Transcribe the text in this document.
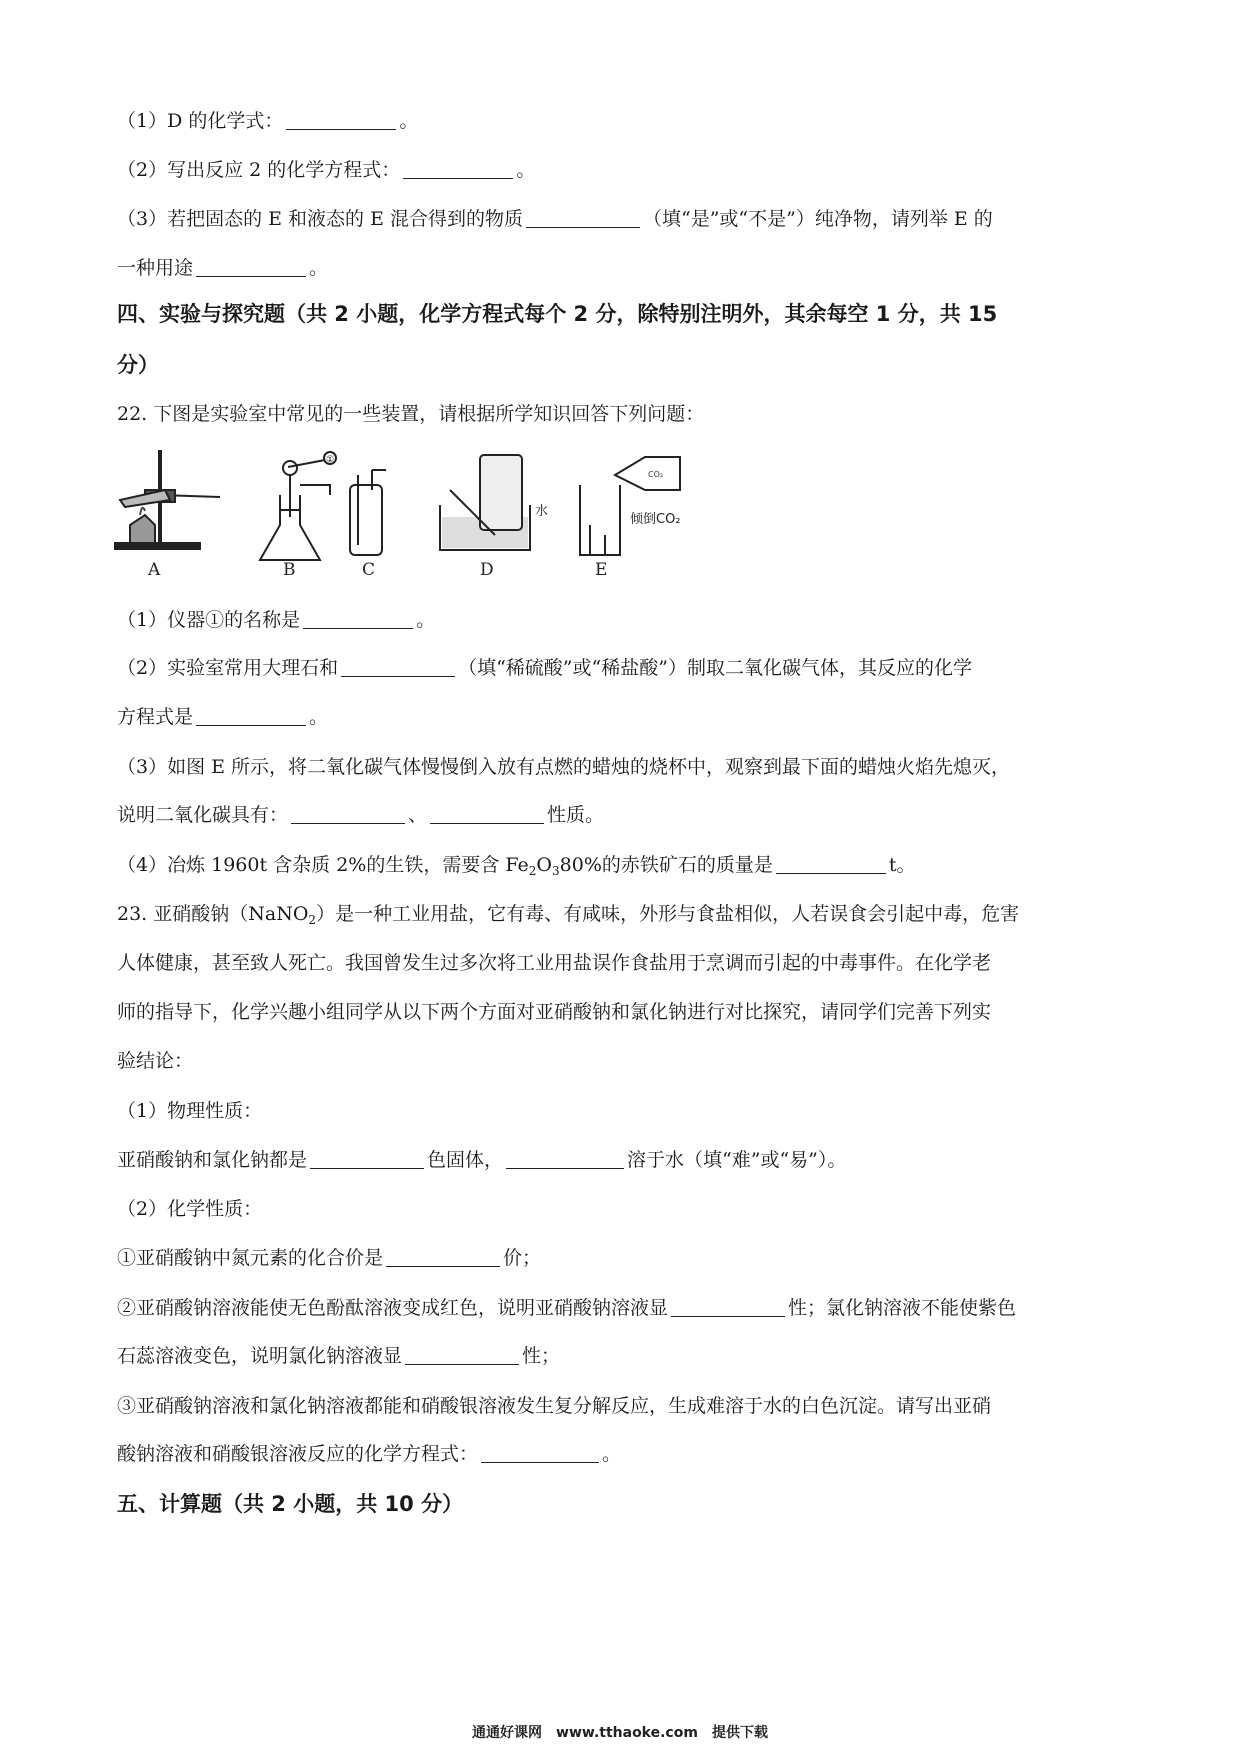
（1）D 的化学式：	。
（2）写出反应 2 的化学方程式：	。
（3）若把固态的 E 和液态的 E 混合得到的物质	（填“是”或“不是”）纯净物，请列举 E 的
一种用途	。
四、实验与探究题（共 2 小题，化学方程式每个 2 分，除特别注明外，其余每空 1 分，共 15
分）
22. 下图是实验室中常见的一些装置，请根据所学知识回答下列问题：
A
①
B	C
水
D
CO₂
倾倒CO₂
E
（1）仪器①的名称是	。
（2）实验室常用大理石和	（填“稀硫酸”或“稀盐酸”）制取二氧化碳气体，其反应的化学
方程式是	。
（3）如图 E 所示，将二氧化碳气体慢慢倒入放有点燃的蜡烛的烧杯中，观察到最下面的蜡烛火焰先熄灭，
说明二氧化碳具有：	、	性质。
（4）冶炼 1960t 含杂质 2%的生铁，需要含 $Fe_2O_380\%$的赤铁矿石的质量是	t。
23. 亚硝酸钠（NaNO$_2$）是一种工业用盐，它有毒、有咸味，外形与食盐相似，人若误食会引起中毒，危害
人体健康，甚至致人死亡。我国曾发生过多次将工业用盐误作食盐用于烹调而引起的中毒事件。在化学老
师的指导下，化学兴趣小组同学从以下两个方面对亚硝酸钠和氯化钠进行对比探究，请同学们完善下列实
验结论：
（1）物理性质：
亚硝酸钠和氯化钠都是	色固体，	溶于水（填“难”或“易”）。
（2）化学性质：
①亚硝酸钠中氮元素的化合价是	价；
②亚硝酸钠溶液能使无色酚酞溶液变成红色，说明亚硝酸钠溶液显	性；氯化钠溶液不能使紫色
石蕊溶液变色，说明氯化钠溶液显	性；
③亚硝酸钠溶液和氯化钠溶液都能和硝酸银溶液发生复分解反应，生成难溶于水的白色沉淀。请写出亚硝
酸钠溶液和硝酸银溶液反应的化学方程式：	。
五、计算题（共 2 小题，共 10 分）
通通好课网　www.tthaoke.com　提供下载
